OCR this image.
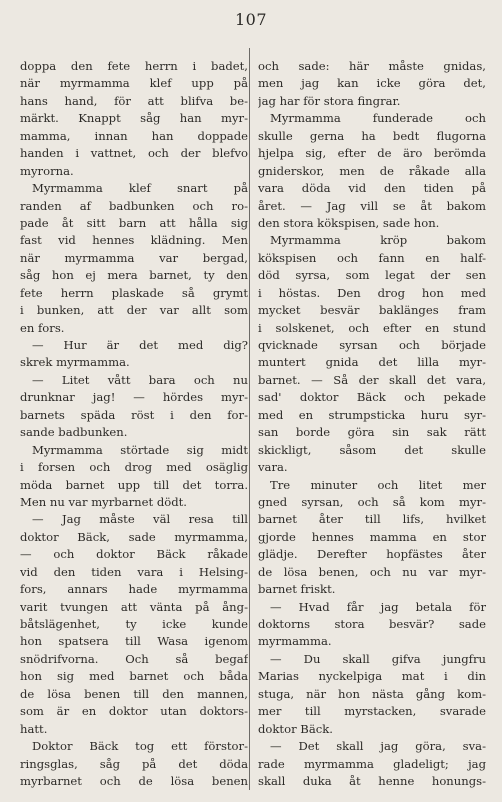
107
doppa den fete herrn i badet,
när myrmamma klef upp på
hans hand, för att blifva be-
märkt. Knappt såg han myr-
mamma, innan han doppade
handen i vattnet, och der blefvo
myrorna.
Myrmamma klef snart på
randen af badbunken och ro-
pade åt sitt barn att hålla sig
fast vid hennes klädning. Men
när myrmamma var bergad,
såg hon ej mera barnet, ty den
fete herrn plaskade så grymt
i bunken, att der var allt som
en fors.
— Hur är det med dig?
skrek myrmamma.
— Litet vått bara och nu
drunknar jag! — hördes myr-
barnets späda röst i den for-
sande badbunken.
Myrmamma störtade sig midt
i forsen och drog med osäglig
möda barnet upp till det torra.
Men nu var myrbarnet dödt.
— Jag måste väl resa till
doktor Bäck, sade myrmamma,
— och doktor Bäck råkade
vid den tiden vara i Helsing-
fors, annars hade myrmamma
varit tvungen att vänta på ång-
båtslägenhet, ty icke kunde
hon spatsera till Wasa igenom
snödrifvorna. Och så begaf
hon sig med barnet och båda
de lösa benen till den mannen,
som är en doktor utan doktors-
hatt.
Doktor Bäck tog ett förstor-
ringsglas, såg på det döda
myrbarnet och de lösa benen
och sade: här måste gnidas,
men jag kan icke göra det,
jag har för stora fingrar.
Myrmamma funderade och
skulle gerna ha bedt flugorna
hjelpa sig, efter de äro berömda
gniderskor, men de råkade alla
vara döda vid den tiden på
året. — Jag vill se åt bakom
den stora kökspisen, sade hon.
Myrmamma kröp bakom
kökspisen och fann en half-
död syrsa, som legat der sen
i höstas. Den drog hon med
mycket besvär baklänges fram
i solskenet, och efter en stund
qvicknade syrsan och började
muntert gnida det lilla myr-
barnet. — Så der skall det vara,
sad' doktor Bäck och pekade
med en strumpsticka huru syr-
san borde göra sin sak rätt
skickligt, såsom det skulle
vara.
Tre minuter och litet mer
gned syrsan, och så kom myr-
barnet åter till lifs, hvilket
gjorde hennes mamma en stor
glädje. Derefter hopfästes åter
de lösa benen, och nu var myr-
barnet friskt.
— Hvad får jag betala för
doktorns stora besvär? sade
myrmamma.
— Du skall gifva jungfru
Marias nyckelpiga mat i din
stuga, när hon nästa gång kom-
mer till myrstacken, svarade
doktor Bäck.
— Det skall jag göra, sva-
rade myrmamma gladeligt; jag
skall duka åt henne honungs-
